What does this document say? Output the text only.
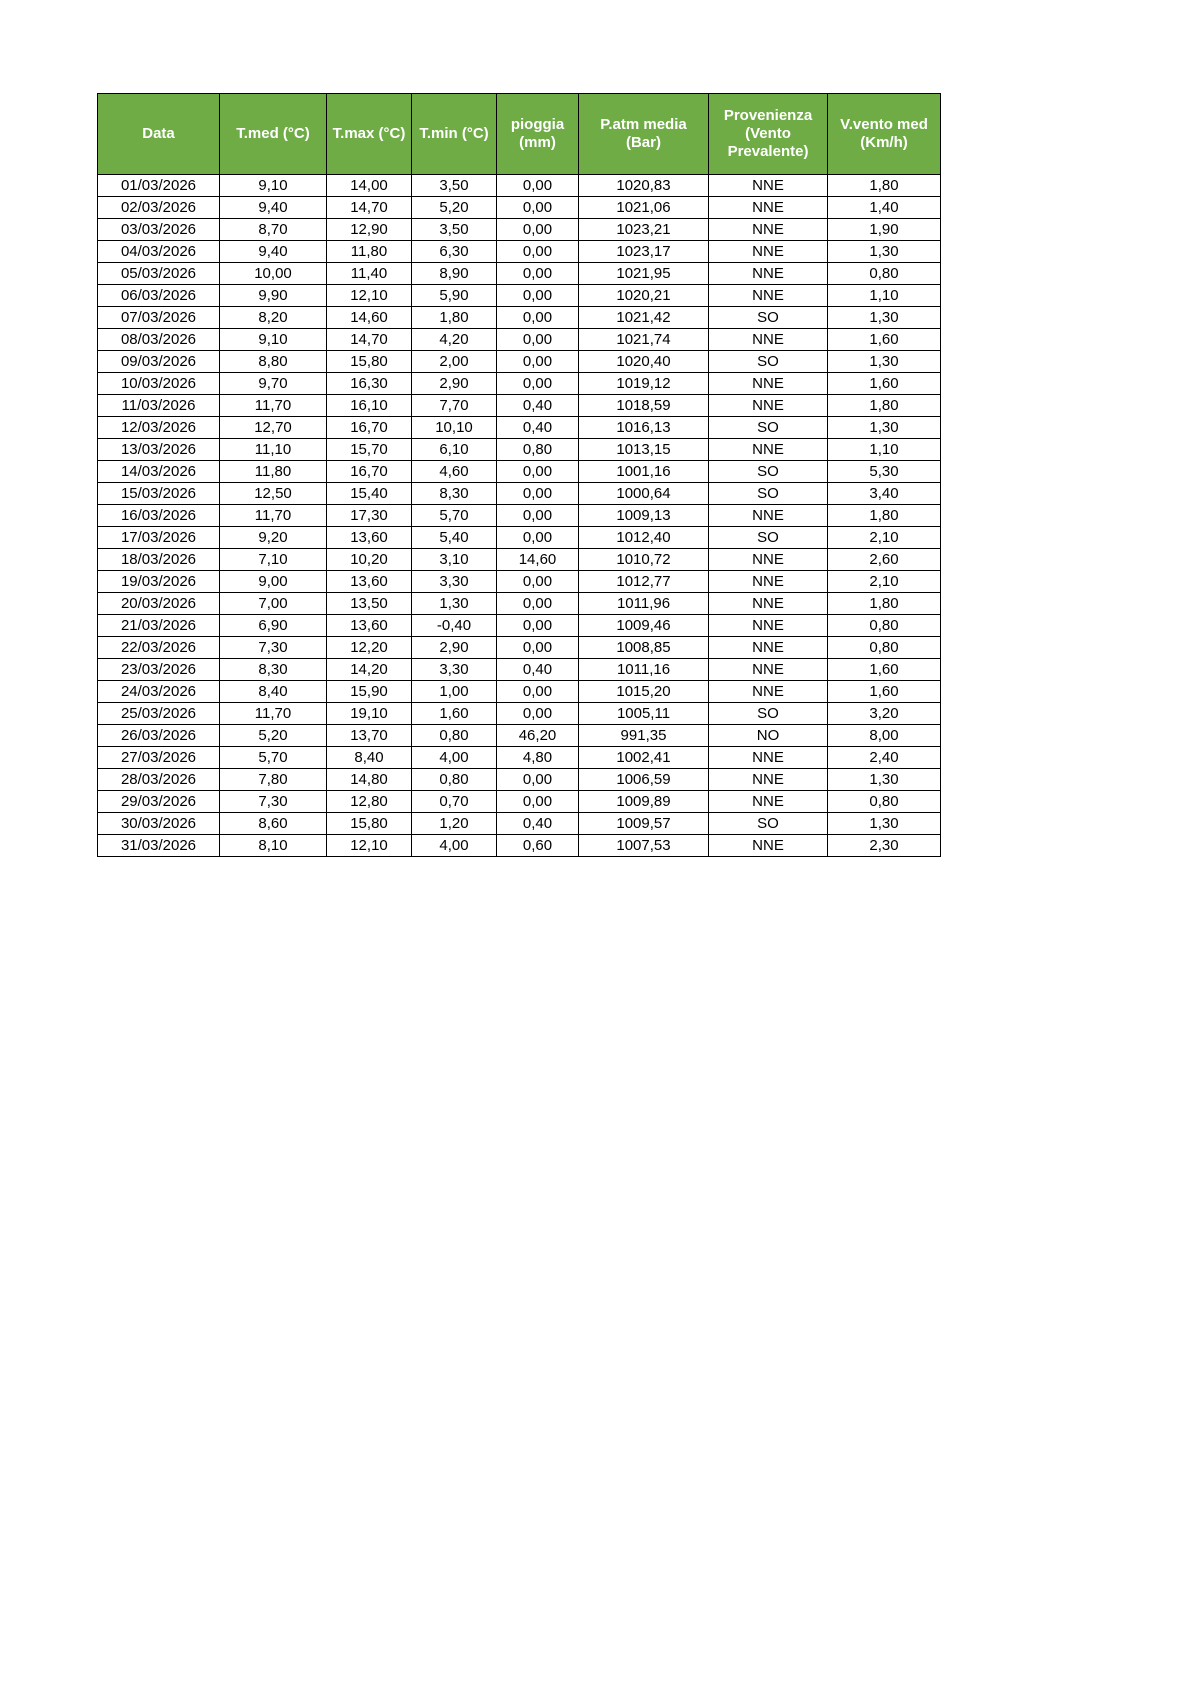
Data	T.med (°C)	T.max (°C)	T.min (°C)	pioggia (mm)	P.atm media (Bar)	Provenienza (Vento Prevalente)	V.vento med (Km/h)
01/03/2026	9,10	14,00	3,50	0,00	1020,83	NNE	1,80
02/03/2026	9,40	14,70	5,20	0,00	1021,06	NNE	1,40
03/03/2026	8,70	12,90	3,50	0,00	1023,21	NNE	1,90
04/03/2026	9,40	11,80	6,30	0,00	1023,17	NNE	1,30
05/03/2026	10,00	11,40	8,90	0,00	1021,95	NNE	0,80
06/03/2026	9,90	12,10	5,90	0,00	1020,21	NNE	1,10
07/03/2026	8,20	14,60	1,80	0,00	1021,42	SO	1,30
08/03/2026	9,10	14,70	4,20	0,00	1021,74	NNE	1,60
09/03/2026	8,80	15,80	2,00	0,00	1020,40	SO	1,30
10/03/2026	9,70	16,30	2,90	0,00	1019,12	NNE	1,60
11/03/2026	11,70	16,10	7,70	0,40	1018,59	NNE	1,80
12/03/2026	12,70	16,70	10,10	0,40	1016,13	SO	1,30
13/03/2026	11,10	15,70	6,10	0,80	1013,15	NNE	1,10
14/03/2026	11,80	16,70	4,60	0,00	1001,16	SO	5,30
15/03/2026	12,50	15,40	8,30	0,00	1000,64	SO	3,40
16/03/2026	11,70	17,30	5,70	0,00	1009,13	NNE	1,80
17/03/2026	9,20	13,60	5,40	0,00	1012,40	SO	2,10
18/03/2026	7,10	10,20	3,10	14,60	1010,72	NNE	2,60
19/03/2026	9,00	13,60	3,30	0,00	1012,77	NNE	2,10
20/03/2026	7,00	13,50	1,30	0,00	1011,96	NNE	1,80
21/03/2026	6,90	13,60	-0,40	0,00	1009,46	NNE	0,80
22/03/2026	7,30	12,20	2,90	0,00	1008,85	NNE	0,80
23/03/2026	8,30	14,20	3,30	0,40	1011,16	NNE	1,60
24/03/2026	8,40	15,90	1,00	0,00	1015,20	NNE	1,60
25/03/2026	11,70	19,10	1,60	0,00	1005,11	SO	3,20
26/03/2026	5,20	13,70	0,80	46,20	991,35	NO	8,00
27/03/2026	5,70	8,40	4,00	4,80	1002,41	NNE	2,40
28/03/2026	7,80	14,80	0,80	0,00	1006,59	NNE	1,30
29/03/2026	7,30	12,80	0,70	0,00	1009,89	NNE	0,80
30/03/2026	8,60	15,80	1,20	0,40	1009,57	SO	1,30
31/03/2026	8,10	12,10	4,00	0,60	1007,53	NNE	2,30
